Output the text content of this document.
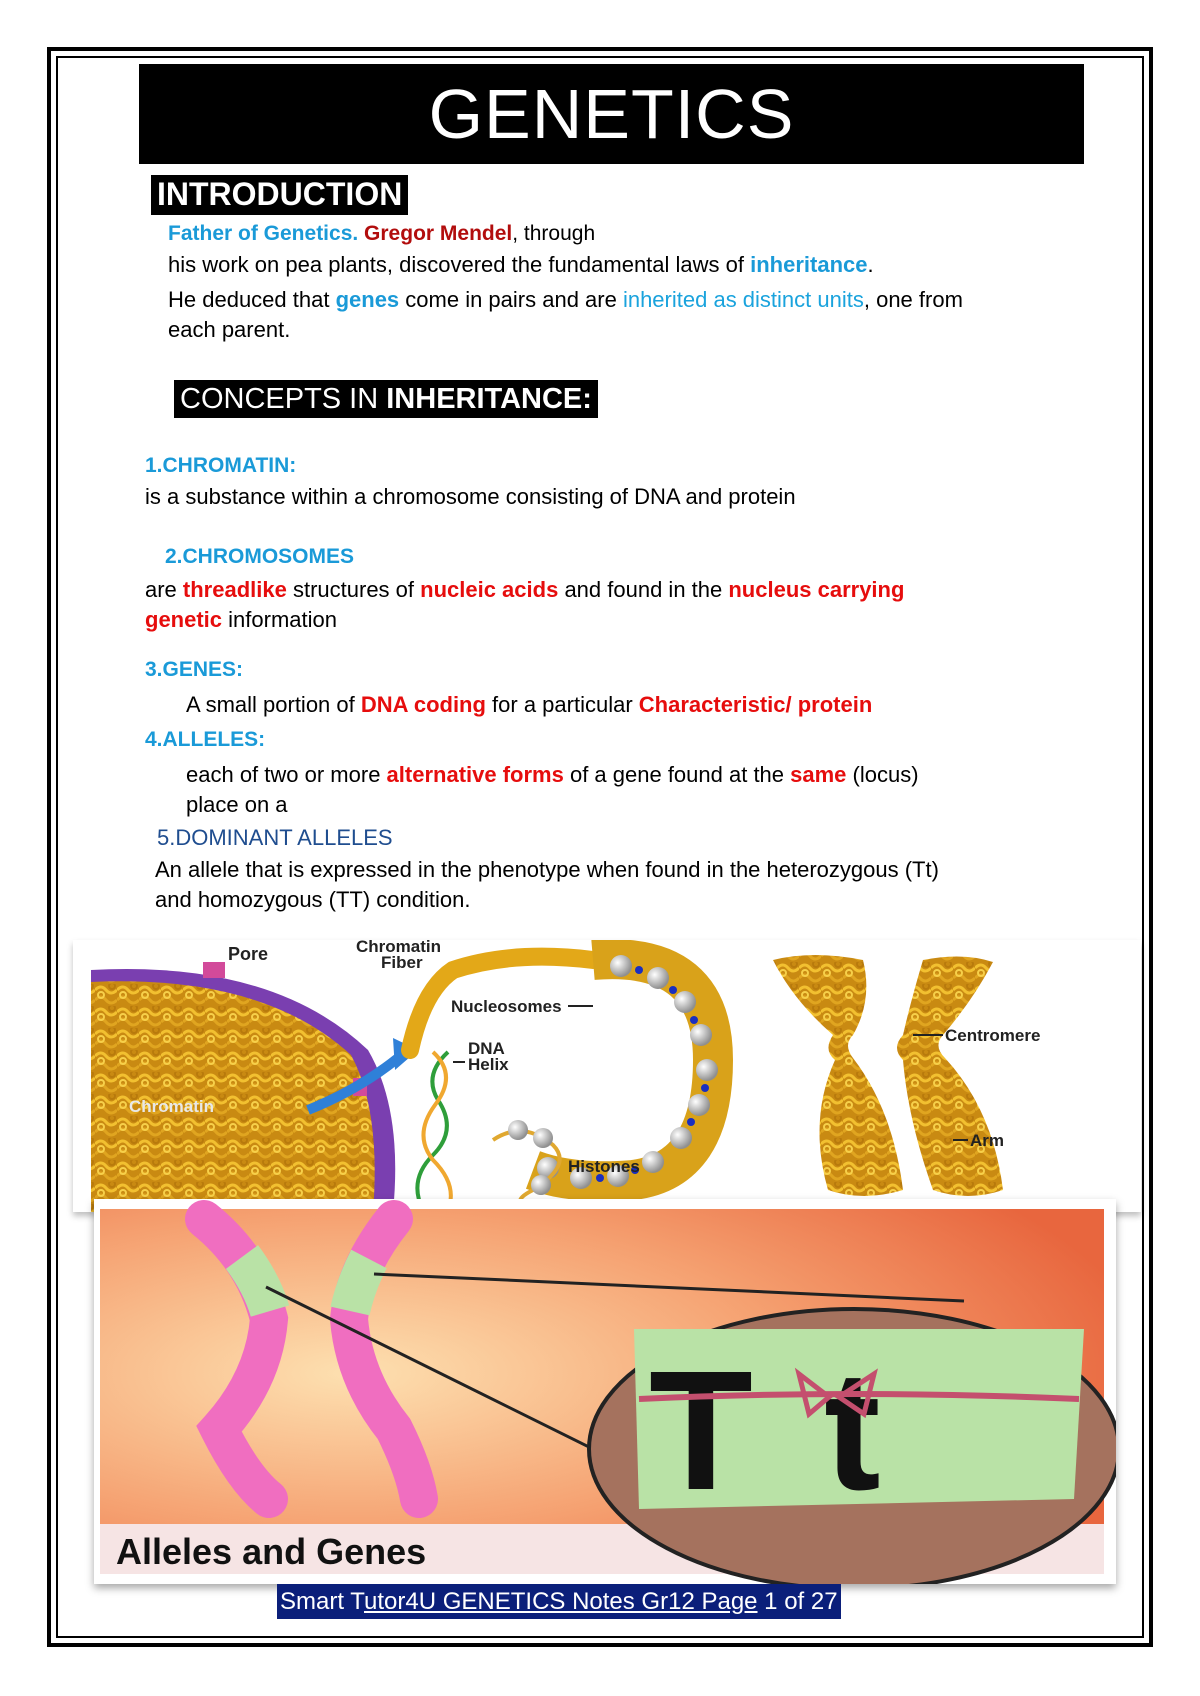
GENETICS
INTRODUCTION
Father of Genetics. Gregor Mendel, through
his work on pea plants, discovered the fundamental laws of inheritance.
He deduced that genes come in pairs and are inherited as distinct units, one from
each parent.
CONCEPTS IN INHERITANCE:
1.CHROMATIN:
is a substance within a chromosome consisting of DNA and protein
2.CHROMOSOMES
are threadlike structures of nucleic acids and found in the nucleus carrying
genetic information
3.GENES:
A small portion of DNA coding for a particular Characteristic/ protein
4.ALLELES:
each of two or more alternative forms of a gene found at the same (locus)
place on a
5.DOMINANT ALLELES
An allele that is expressed in the phenotype when found in the heterozygous (Tt)
and homozygous (TT) condition.
Pore
Chromatin
Chromatin
Fiber
Nucleosomes
DNA
Helix
Histones
Centromere
Arm
T t
Alleles and Genes
Smart Tutor4U GENETICS Notes Gr12 Page 1 of 27
